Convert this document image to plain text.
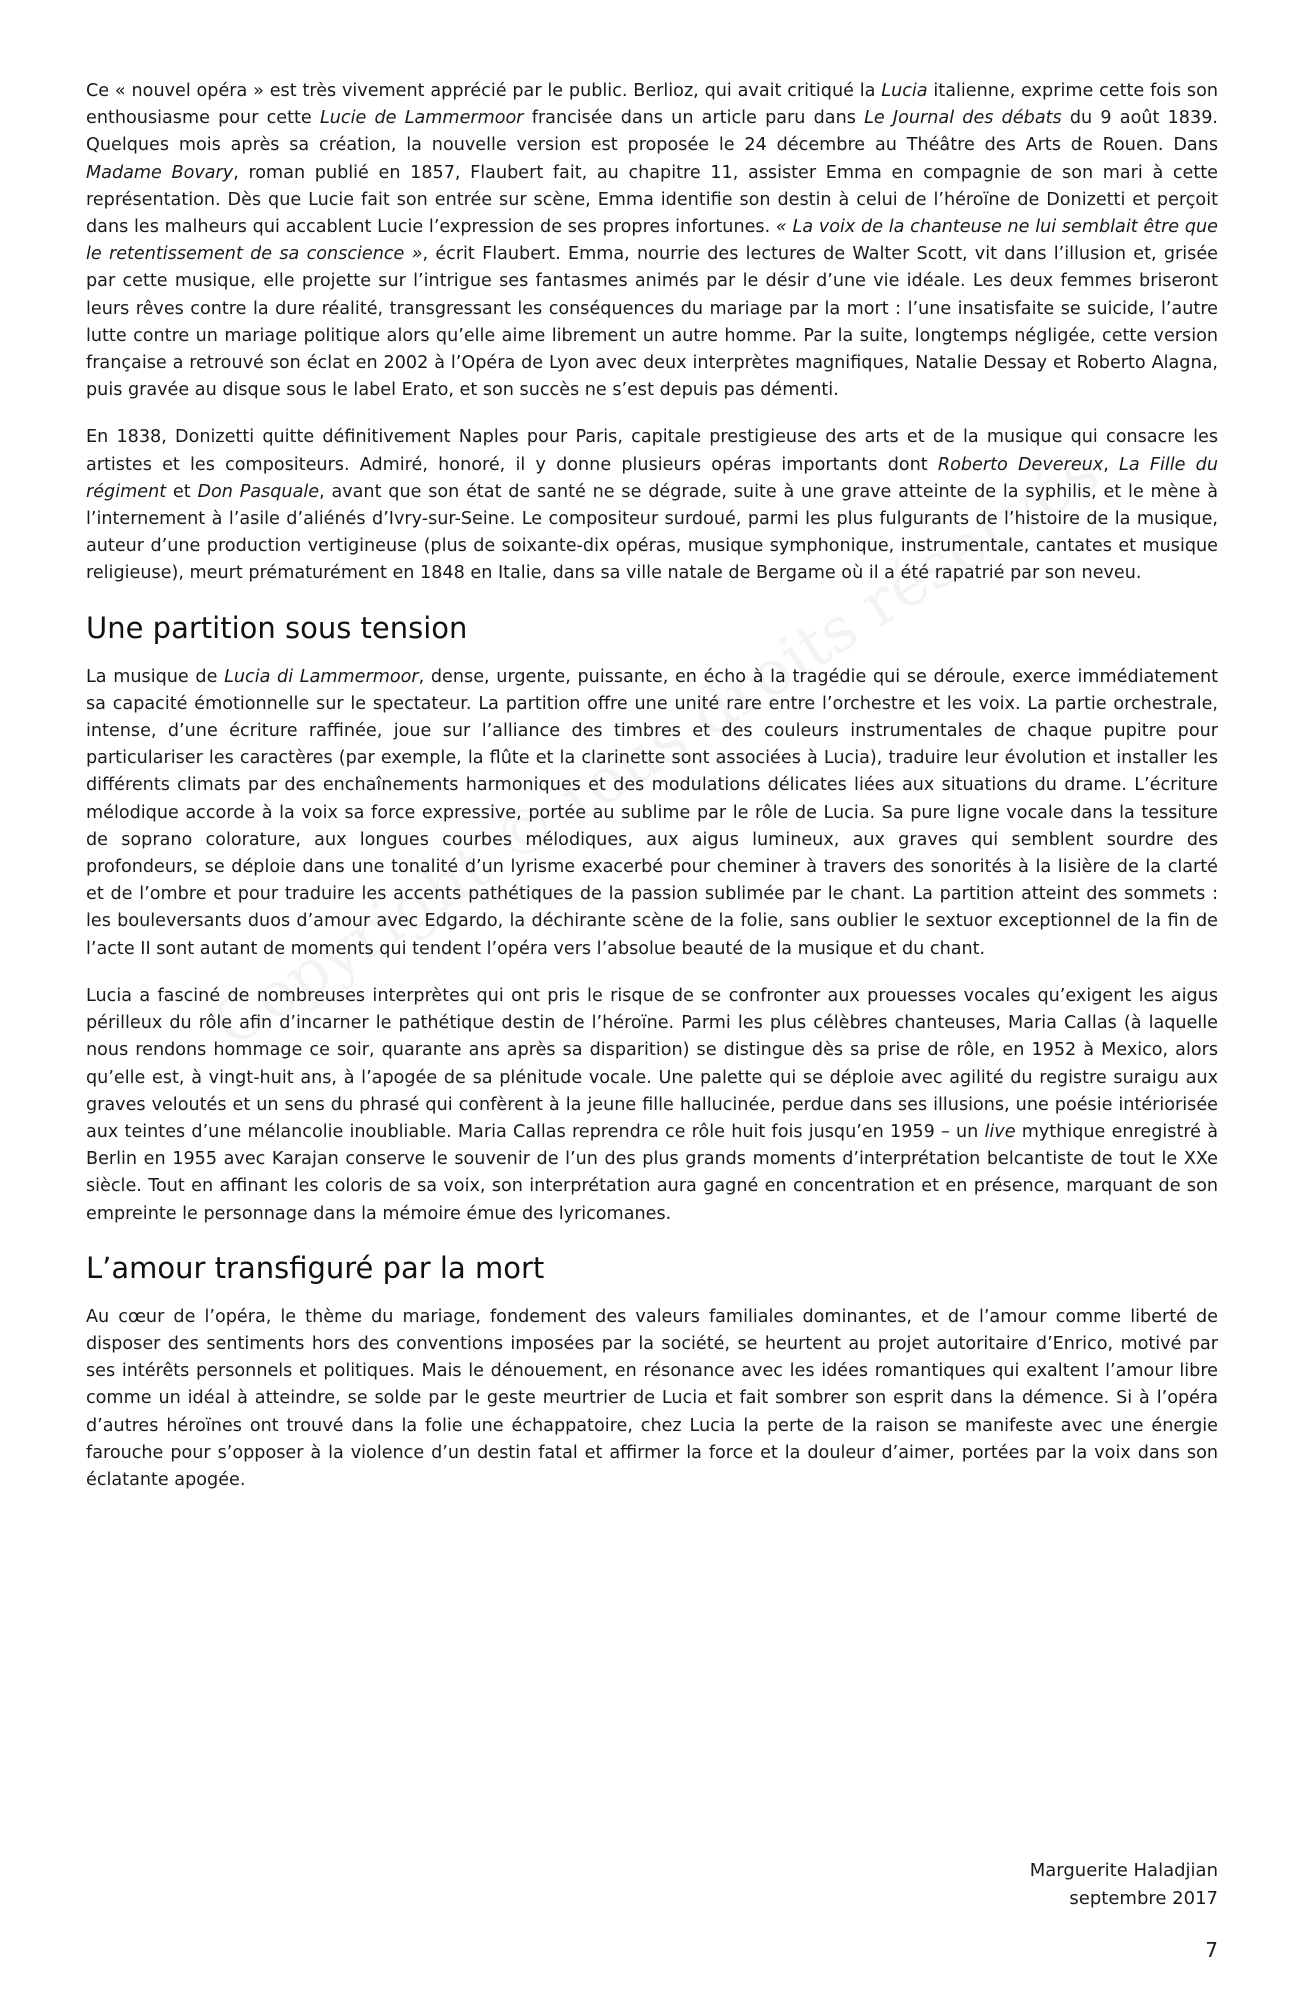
Ce « nouvel opéra » est très vivement apprécié par le public. Berlioz, qui avait critiqué la Lucia italienne, exprime cette fois son enthousiasme pour cette Lucie de Lammermoor francisée dans un article paru dans Le Journal des débats du 9 août 1839. Quelques mois après sa création, la nouvelle version est proposée le 24 décembre au Théâtre des Arts de Rouen. Dans Madame Bovary, roman publié en 1857, Flaubert fait, au chapitre 11, assister Emma en compagnie de son mari à cette représentation. Dès que Lucie fait son entrée sur scène, Emma identifie son destin à celui de l’héroïne de Donizetti et perçoit dans les malheurs qui accablent Lucie l’expression de ses propres infortunes. « La voix de la chanteuse ne lui semblait être que le retentissement de sa conscience », écrit Flaubert. Emma, nourrie des lectures de Walter Scott, vit dans l’illusion et, grisée par cette musique, elle projette sur l’intrigue ses fantasmes animés par le désir d’une vie idéale. Les deux femmes briseront leurs rêves contre la dure réalité, transgressant les conséquences du mariage par la mort : l’une insatisfaite se suicide, l’autre lutte contre un mariage politique alors qu’elle aime librement un autre homme. Par la suite, longtemps négligée, cette version française a retrouvé son éclat en 2002 à l’Opéra de Lyon avec deux interprètes magnifiques, Natalie Dessay et Roberto Alagna, puis gravée au disque sous le label Erato, et son succès ne s’est depuis pas démenti.

En 1838, Donizetti quitte définitivement Naples pour Paris, capitale prestigieuse des arts et de la musique qui consacre les artistes et les compositeurs. Admiré, honoré, il y donne plusieurs opéras importants dont Roberto Devereux, La Fille du régiment et Don Pasquale, avant que son état de santé ne se dégrade, suite à une grave atteinte de la syphilis, et le mène à l’internement à l’asile d’aliénés d’Ivry-sur-Seine. Le compositeur surdoué, parmi les plus fulgurants de l’histoire de la musique, auteur d’une production vertigineuse (plus de soixante-dix opéras, musique symphonique, instrumentale, cantates et musique religieuse), meurt prématurément en 1848 en Italie, dans sa ville natale de Bergame où il a été rapatrié par son neveu.

Une partition sous tension

La musique de Lucia di Lammermoor, dense, urgente, puissante, en écho à la tragédie qui se déroule, exerce immédiatement sa capacité émotionnelle sur le spectateur. La partition offre une unité rare entre l’orchestre et les voix. La partie orchestrale, intense, d’une écriture raffinée, joue sur l’alliance des timbres et des couleurs instrumentales de chaque pupitre pour particulariser les caractères (par exemple, la flûte et la clarinette sont associées à Lucia), traduire leur évolution et installer les différents climats par des enchaînements harmoniques et des modulations délicates liées aux situations du drame. L’écriture mélodique accorde à la voix sa force expressive, portée au sublime par le rôle de Lucia. Sa pure ligne vocale dans la tessiture de soprano colorature, aux longues courbes mélodiques, aux aigus lumineux, aux graves qui semblent sourdre des profondeurs, se déploie dans une tonalité d’un lyrisme exacerbé pour cheminer à travers des sonorités à la lisière de la clarté et de l’ombre et pour traduire les accents pathétiques de la passion sublimée par le chant. La partition atteint des sommets : les bouleversants duos d’amour avec Edgardo, la déchirante scène de la folie, sans oublier le sextuor exceptionnel de la fin de l’acte II sont autant de moments qui tendent l’opéra vers l’absolue beauté de la musique et du chant.

Lucia a fasciné de nombreuses interprètes qui ont pris le risque de se confronter aux prouesses vocales qu’exigent les aigus périlleux du rôle afin d’incarner le pathétique destin de l’héroïne. Parmi les plus célèbres chanteuses, Maria Callas (à laquelle nous rendons hommage ce soir, quarante ans après sa disparition) se distingue dès sa prise de rôle, en 1952 à Mexico, alors qu’elle est, à vingt-huit ans, à l’apogée de sa plénitude vocale. Une palette qui se déploie avec agilité du registre suraigu aux graves veloutés et un sens du phrasé qui confèrent à la jeune fille hallucinée, perdue dans ses illusions, une poésie intériorisée aux teintes d’une mélancolie inoubliable. Maria Callas reprendra ce rôle huit fois jusqu’en 1959 – un live mythique enregistré à Berlin en 1955 avec Karajan conserve le souvenir de l’un des plus grands moments d’interprétation belcantiste de tout le XXe siècle. Tout en affinant les coloris de sa voix, son interprétation aura gagné en concentration et en présence, marquant de son empreinte le personnage dans la mémoire émue des lyricomanes.

L’amour transfiguré par la mort

Au cœur de l’opéra, le thème du mariage, fondement des valeurs familiales dominantes, et de l’amour comme liberté de disposer des sentiments hors des conventions imposées par la société, se heurtent au projet autoritaire d’Enrico, motivé par ses intérêts personnels et politiques. Mais le dénouement, en résonance avec les idées romantiques qui exaltent l’amour libre comme un idéal à atteindre, se solde par le geste meurtrier de Lucia et fait sombrer son esprit dans la démence. Si à l’opéra d’autres héroïnes ont trouvé dans la folie une échappatoire, chez Lucia la perte de la raison se manifeste avec une énergie farouche pour s’opposer à la violence d’un destin fatal et affirmer la force et la douleur d’aimer, portées par la voix dans son éclatante apogée.

Marguerite Haladjian
septembre 2017
7
